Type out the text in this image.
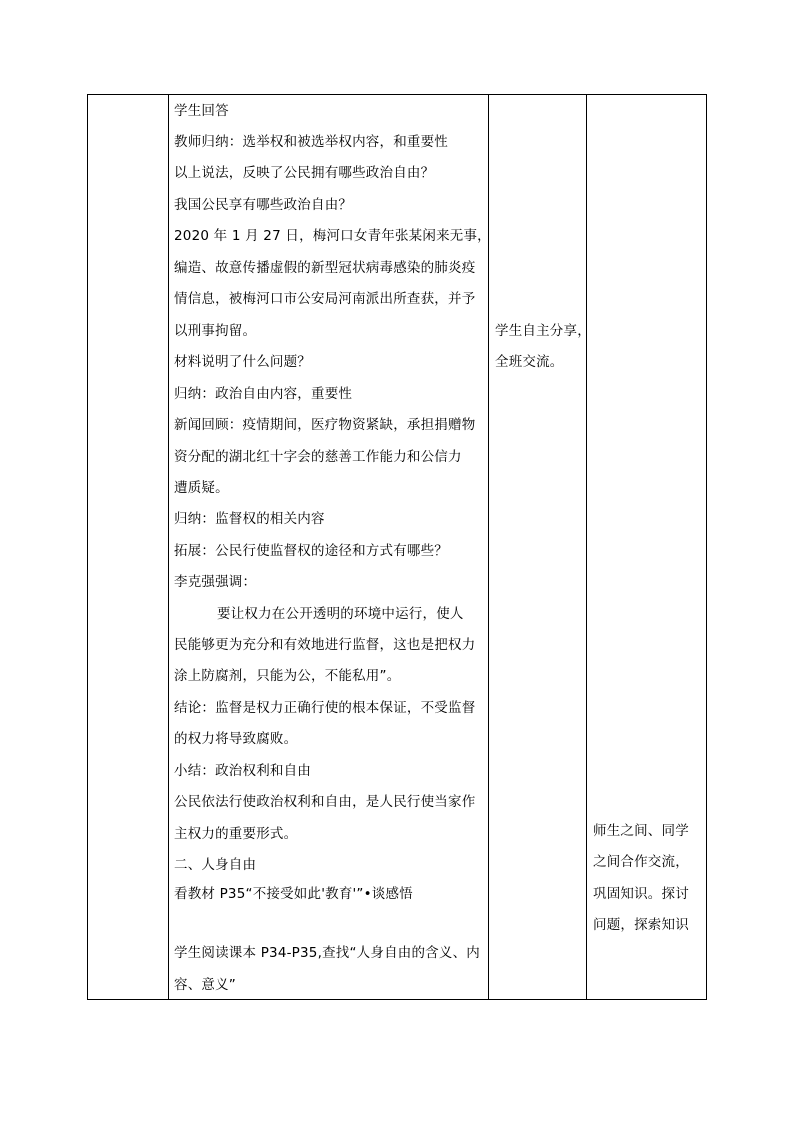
学生回答
教师归纳：选举权和被选举权内容，和重要性
以上说法，反映了公民拥有哪些政治自由？
我国公民享有哪些政治自由？
2020 年 1 月 27 日，梅河口女青年张某闲来无事，
编造、故意传播虚假的新型冠状病毒感染的肺炎疫
情信息，被梅河口市公安局河南派出所查获，并予
以刑事拘留。
材料说明了什么问题？
归纳：政治自由内容，重要性
新闻回顾：疫情期间，医疗物资紧缺，承担捐赠物
资分配的湖北红十字会的慈善工作能力和公信力
遭质疑。
归纳：监督权的相关内容
拓展：公民行使监督权的途径和方式有哪些？
李克强强调：
要让权力在公开透明的环境中运行，使人
民能够更为充分和有效地进行监督，这也是把权力
涂上防腐剂，只能为公，不能私用”。
结论：监督是权力正确行使的根本保证，不受监督
的权力将导致腐败。
小结：政治权利和自由
公民依法行使政治权利和自由，是人民行使当家作
主权力的重要形式。
二、人身自由
看教材 P35“不接受如此'教育'”•谈感悟
学生阅读课本 P34-P35,查找“人身自由的含义、内
容、意义”
学生自主分享，
全班交流。
师生之间、同学
之间合作交流，
巩固知识。探讨
问题，探索知识
